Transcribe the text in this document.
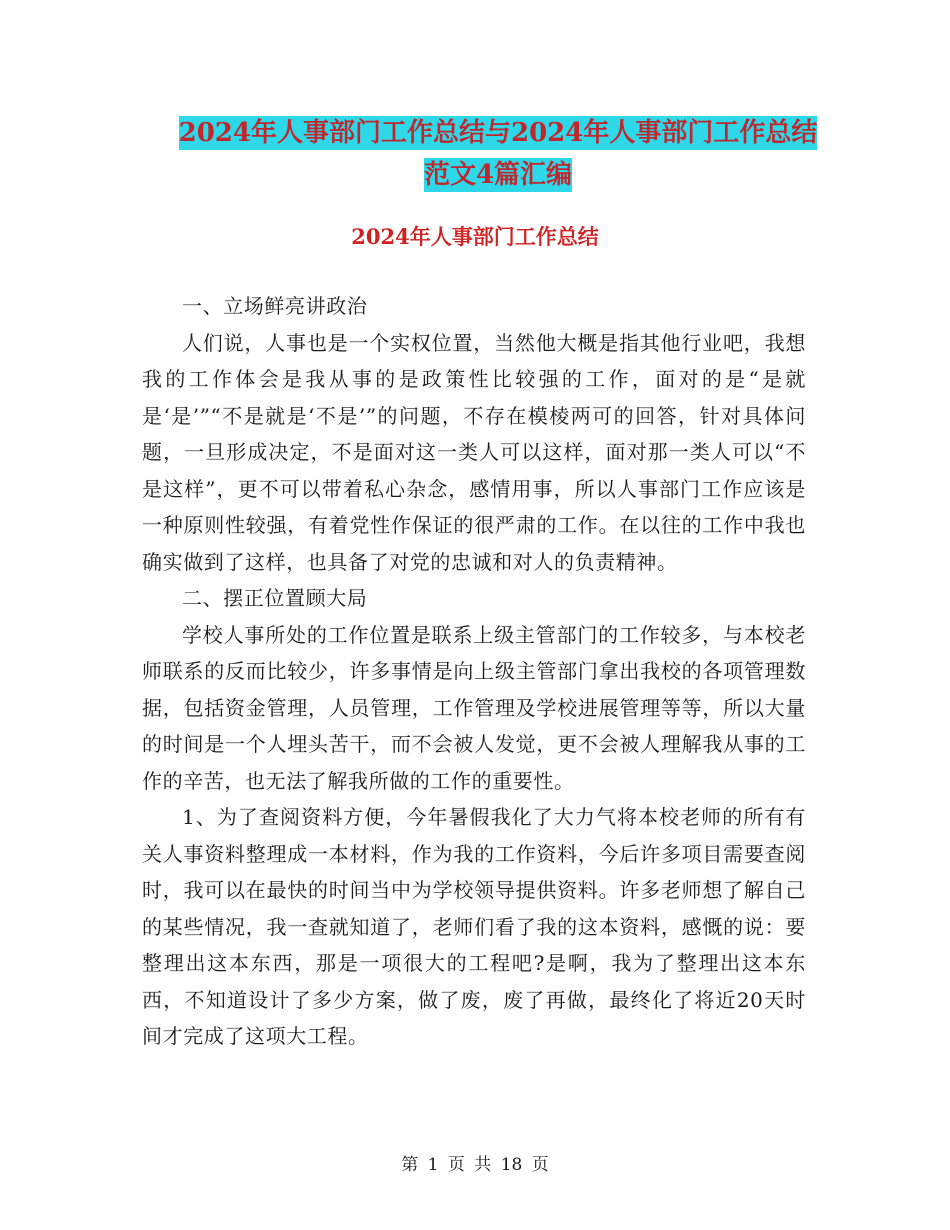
2024年人事部门工作总结与2024年人事部门工作总结
范文4篇汇编
2024年人事部门工作总结

一、立场鲜亮讲政治

人们说，人事也是一个实权位置，当然他大概是指其他行业吧，我想我的工作体会是我从事的是政策性比较强的工作，面对的是“是就是‘是’”“不是就是‘不是’”的问题，不存在模棱两可的回答，针对具体问题，一旦形成决定，不是面对这一类人可以这样，面对那一类人可以“不是这样”，更不可以带着私心杂念，感情用事，所以人事部门工作应该是一种原则性较强，有着党性作保证的很严肃的工作。在以往的工作中我也确实做到了这样，也具备了对党的忠诚和对人的负责精神。

二、摆正位置顾大局

学校人事所处的工作位置是联系上级主管部门的工作较多，与本校老师联系的反而比较少，许多事情是向上级主管部门拿出我校的各项管理数据，包括资金管理，人员管理，工作管理及学校进展管理等等，所以大量的时间是一个人埋头苦干，而不会被人发觉，更不会被人理解我从事的工作的辛苦，也无法了解我所做的工作的重要性。

1、为了查阅资料方便，今年暑假我化了大力气将本校老师的所有有关人事资料整理成一本材料，作为我的工作资料，今后许多项目需要查阅时，我可以在最快的时间当中为学校领导提供资料。许多老师想了解自己的某些情况，我一查就知道了，老师们看了我的这本资料，感慨的说：要整理出这本东西，那是一项很大的工程吧?是啊，我为了整理出这本东西，不知道设计了多少方案，做了废，废了再做，最终化了将近20天时间才完成了这项大工程。

第 1 页 共 18 页
